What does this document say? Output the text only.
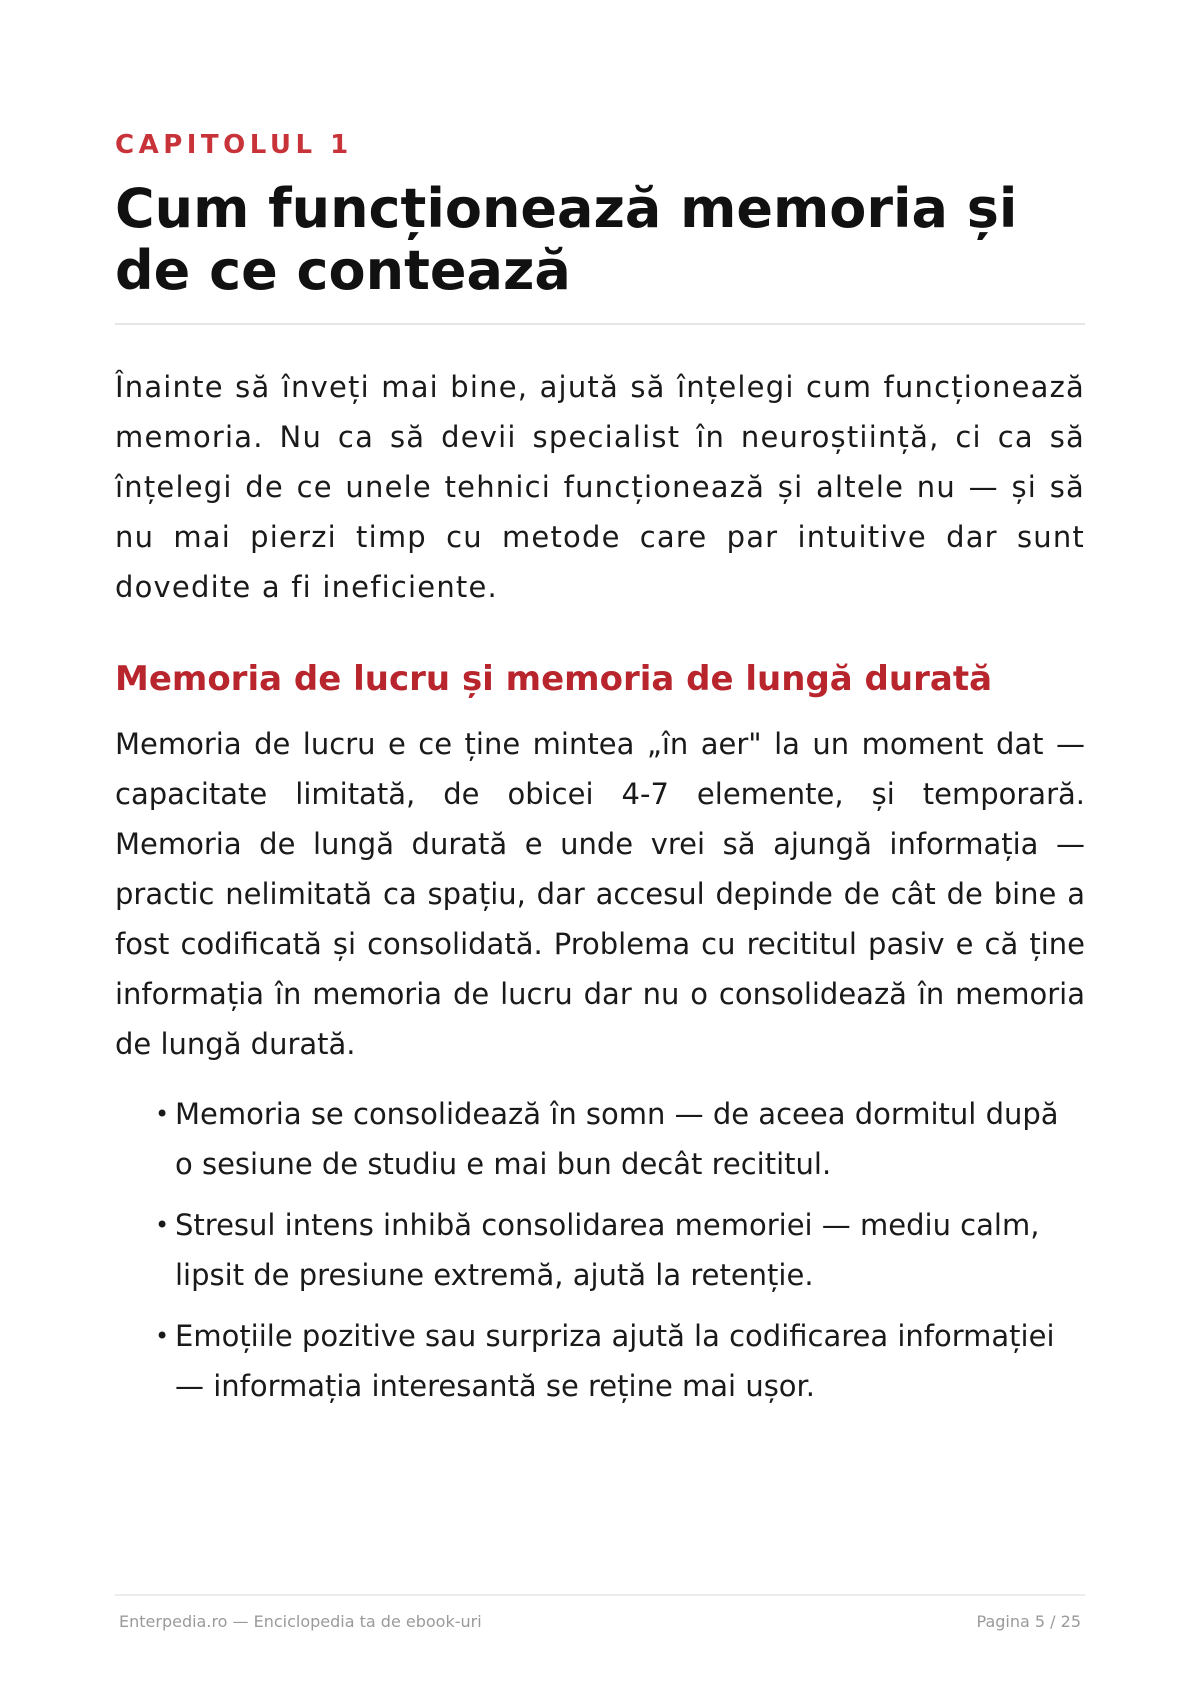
CAPITOLUL 1
Cum funcționează memoria și de ce contează

Înainte să înveți mai bine, ajută să înțelegi cum funcționează memoria. Nu ca să devii specialist în neuroștiință, ci ca să înțelegi de ce unele tehnici funcționează și altele nu — și să nu mai pierzi timp cu metode care par intuitive dar sunt dovedite a fi ineficiente.

Memoria de lucru și memoria de lungă durată

Memoria de lucru e ce ține mintea „în aer" la un moment dat — capacitate limitată, de obicei 4-7 elemente, și temporară. Memoria de lungă durată e unde vrei să ajungă informația — practic nelimitată ca spațiu, dar accesul depinde de cât de bine a fost codificată și consolidată. Problema cu recititul pasiv e că ține informația în memoria de lucru dar nu o consolidează în memoria de lungă durată.

• Memoria se consolidează în somn — de aceea dormitul după o sesiune de studiu e mai bun decât recititul.
• Stresul intens inhibă consolidarea memoriei — mediu calm, lipsit de presiune extremă, ajută la retenție.
• Emoțiile pozitive sau surpriza ajută la codificarea informației — informația interesantă se reține mai ușor.
Enterpedia.ro — Enciclopedia ta de ebook-uri	Pagina 5 / 25
